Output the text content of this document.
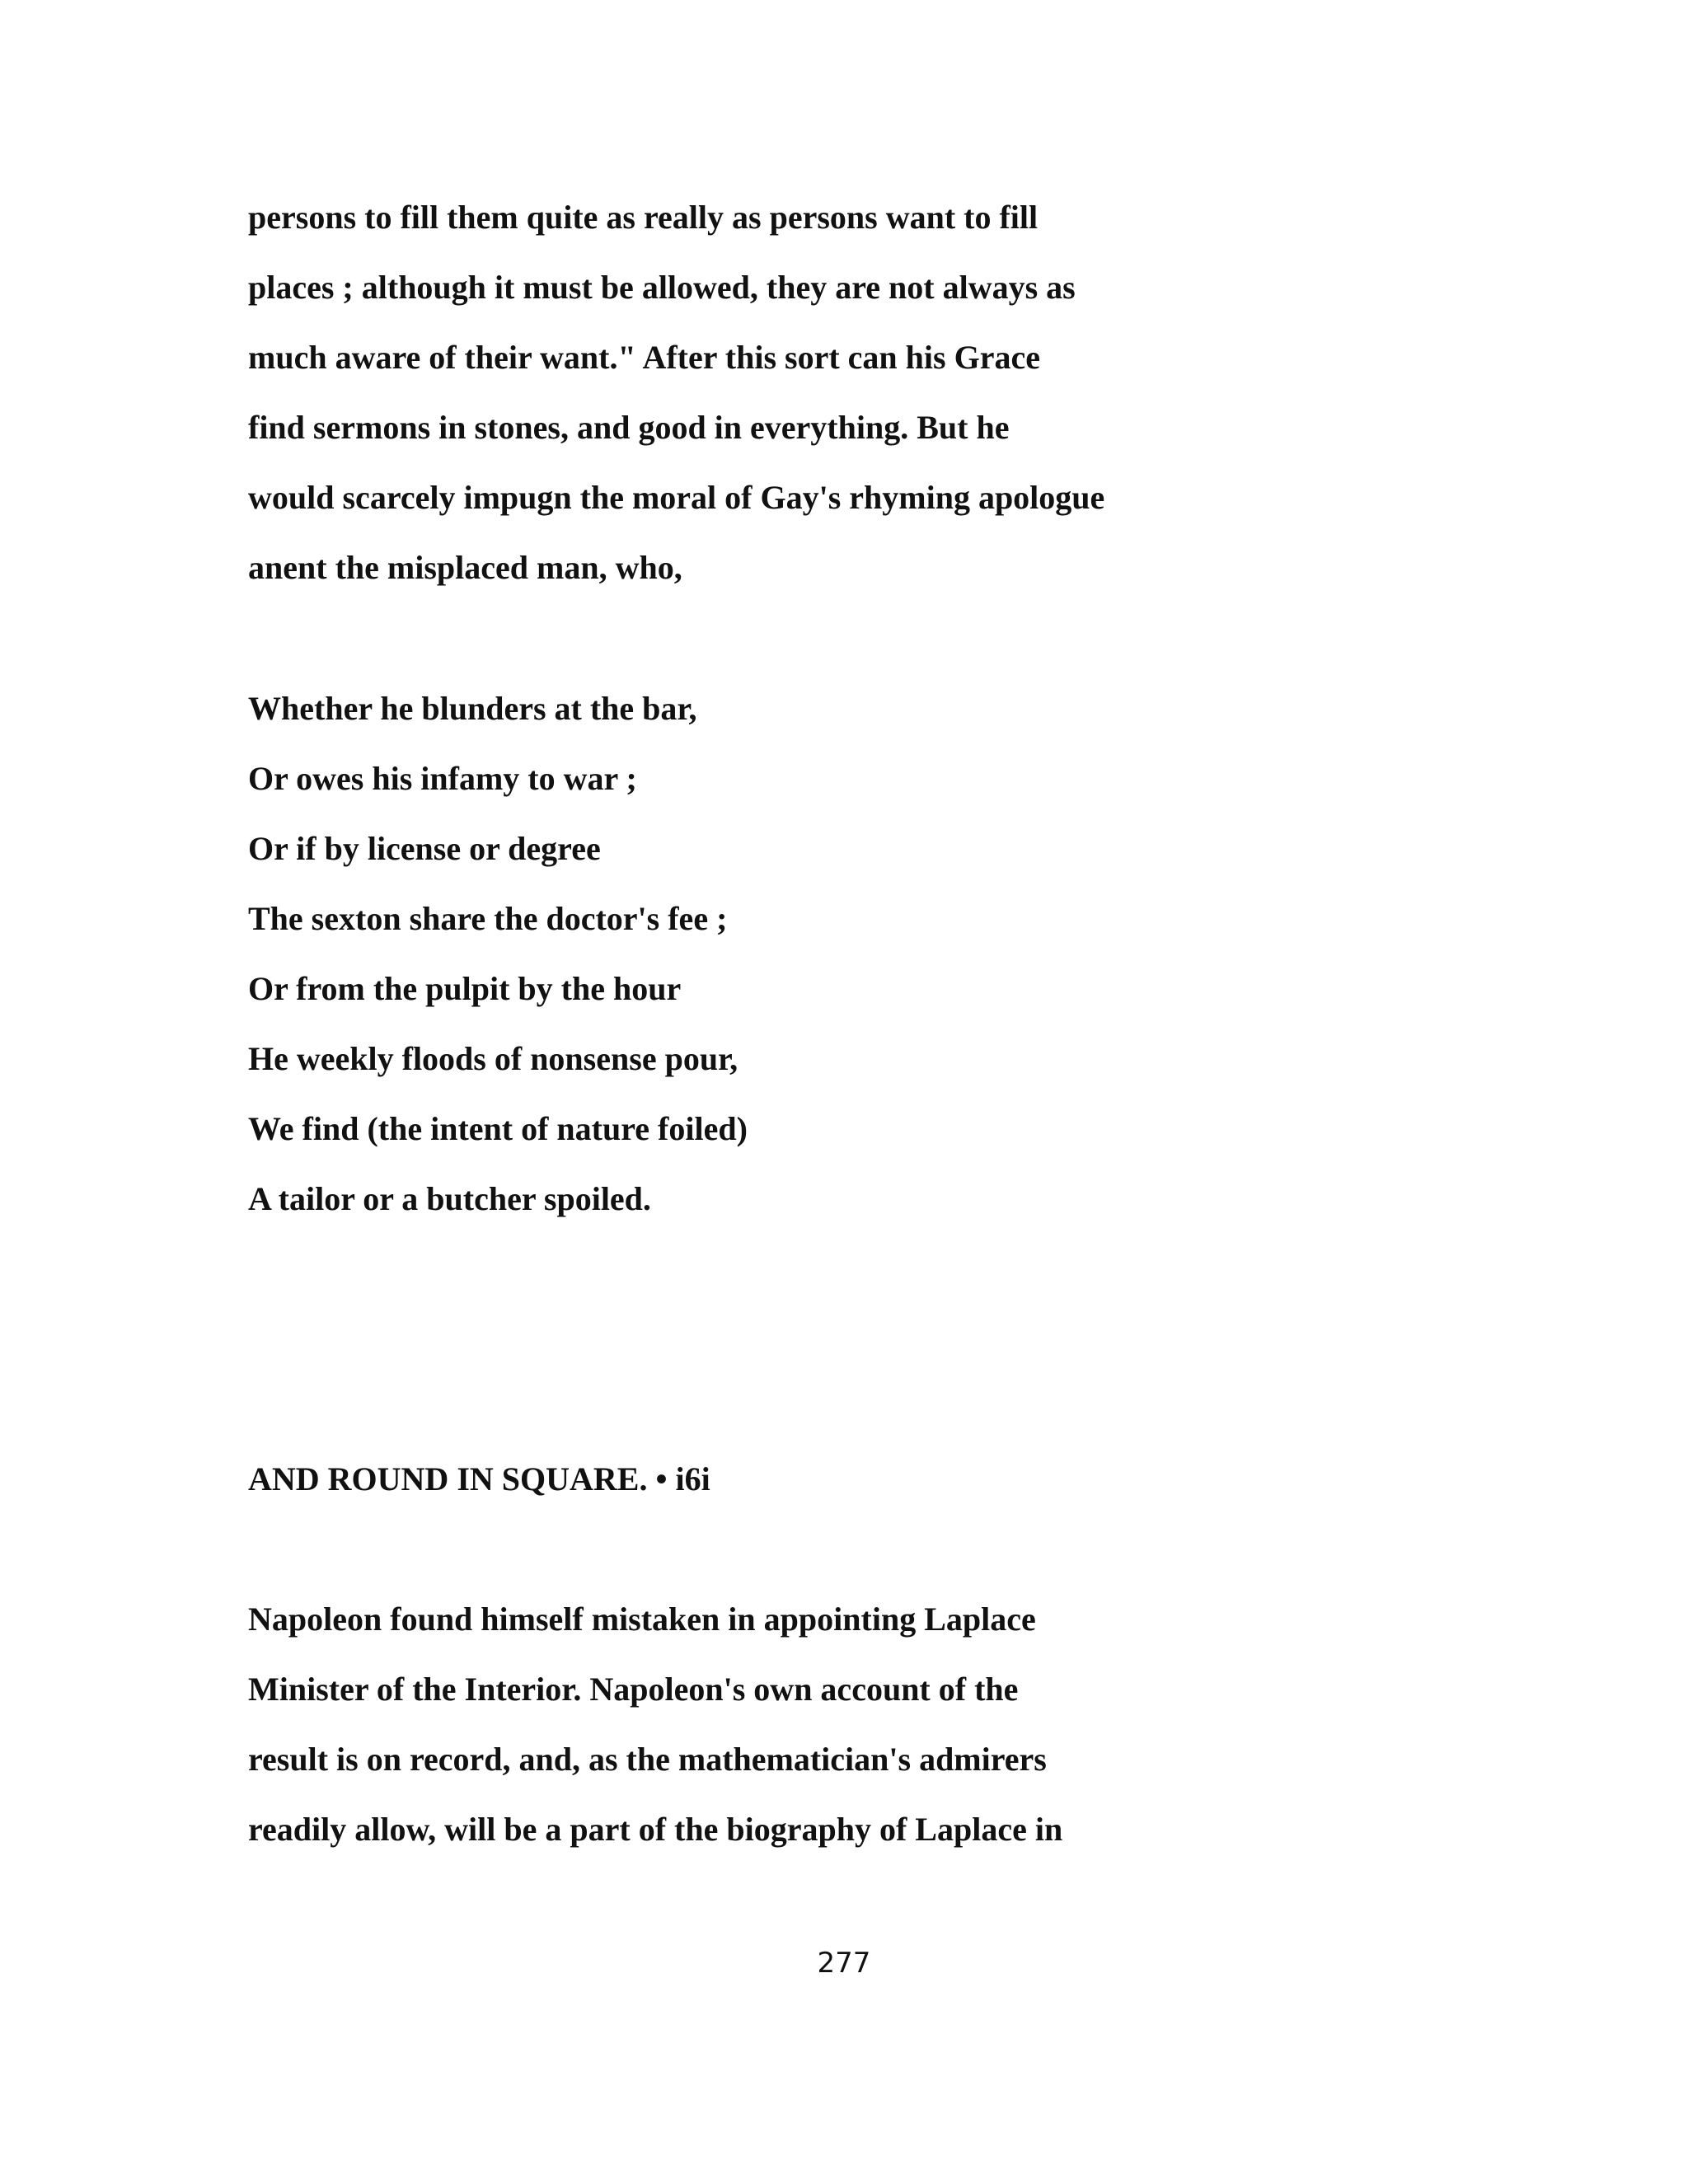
persons to fill them quite as really as persons want to fill

places ; although it must be allowed, they are not always as

much aware of their want." After this sort can his Grace

find sermons in stones, and good in everything. But he

would scarcely impugn the moral of Gay's rhyming apologue

anent the misplaced man, who,

Whether he blunders at the bar,

Or owes his infamy to war ;

Or if by license or degree

The sexton share the doctor's fee ;

Or from the pulpit by the hour

He weekly floods of nonsense pour,

We find (the intent of nature foiled)

A tailor or a butcher spoiled.

AND ROUND IN SQUARE. • i6i

Napoleon found himself mistaken in appointing Laplace

Minister of the Interior. Napoleon's own account of the

result is on record, and, as the mathematician's admirers

readily allow, will be a part of the biography of Laplace in

277
